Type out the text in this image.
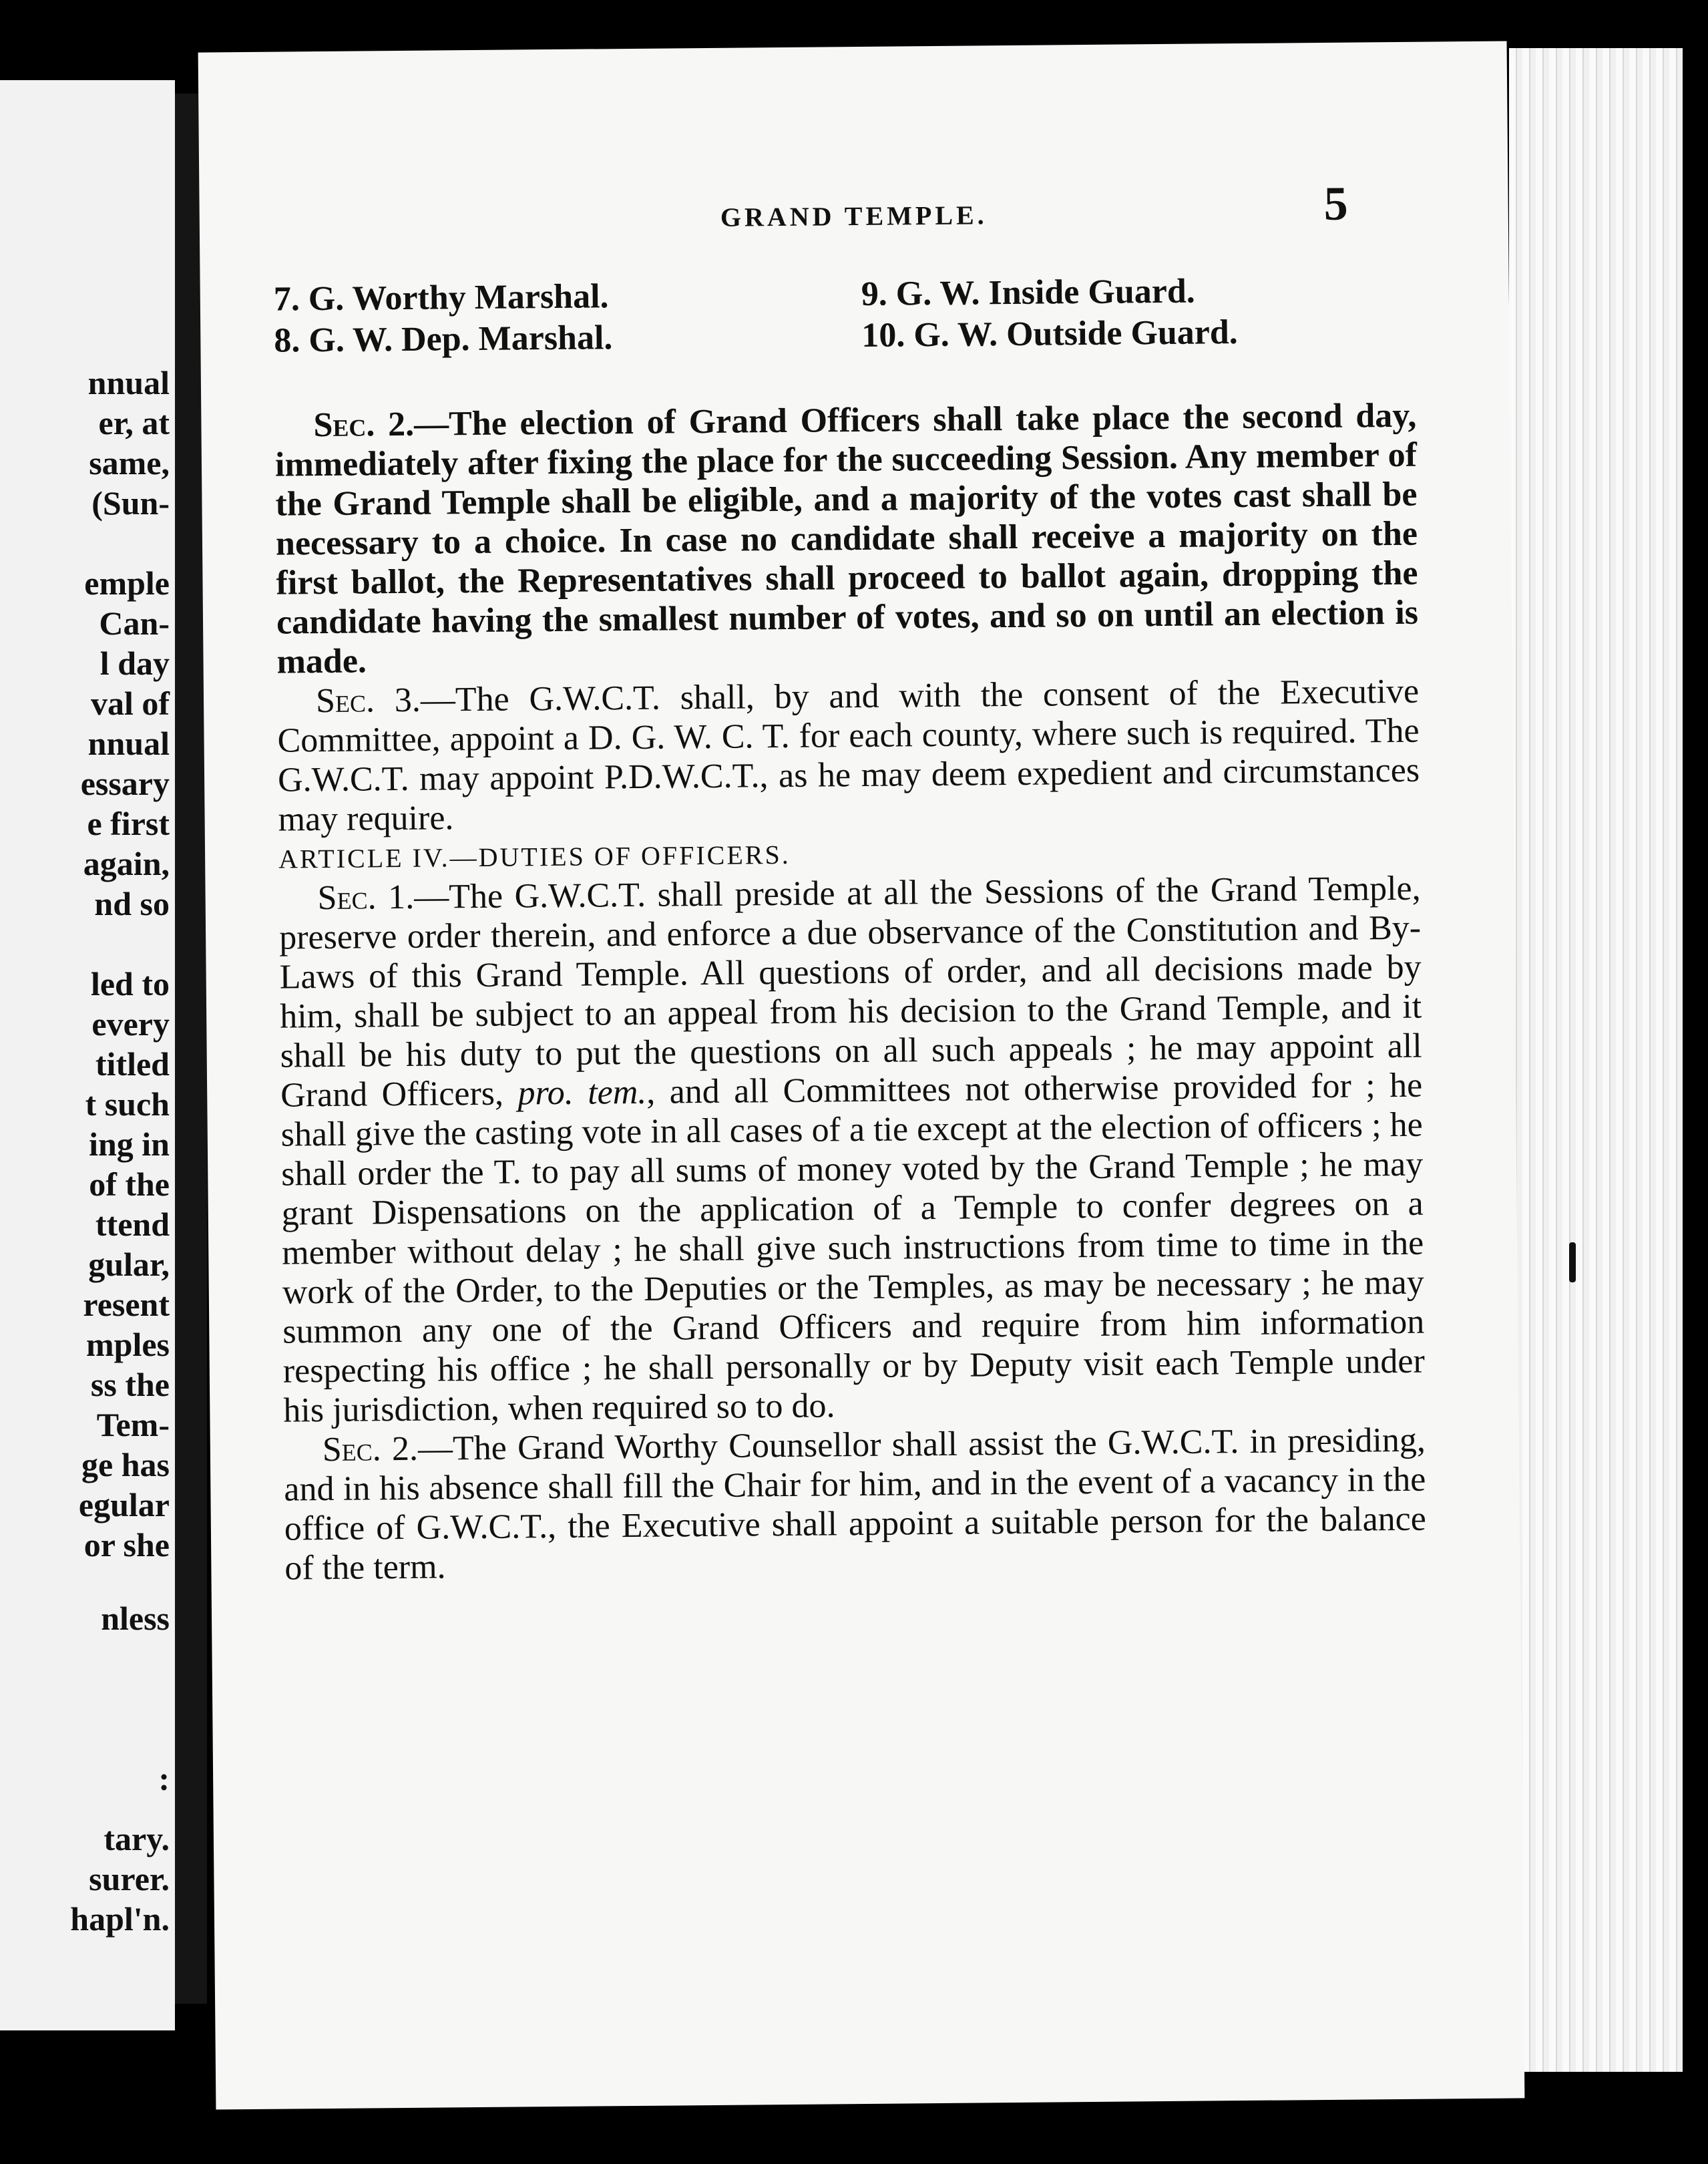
nnual
er, at
same,
(Sun-
emple
Can-
l day
val of
nnual
essary
e first
again,
nd so
led to
every
titled
t such
ing in
of the
ttend
gular,
resent
mples
ss the
Tem-
ge has
egular
or she
nless
:
tary.
surer.
hapl'n.
GRAND TEMPLE.	5
7. G. Worthy Marshal.	9. G. W. Inside Guard.
8. G. W. Dep. Marshal.	10. G. W. Outside Guard.

Sec. 2.—The election of Grand Officers shall take place the second day, immediately after fixing the place for the succeeding Session. Any member of the Grand Temple shall be eligible, and a majority of the votes cast shall be necessary to a choice. In case no candidate shall receive a majority on the first ballot, the Representatives shall proceed to ballot again, dropping the candidate having the smallest number of votes, and so on until an election is made.

Sec. 3.—The G.W.C.T. shall, by and with the consent of the Executive Committee, appoint a D. G. W. C. T. for each county, where such is required. The G.W.C.T. may appoint P.D.W.C.T., as he may deem expedient and circumstances may require.

ARTICLE IV.—DUTIES OF OFFICERS.

Sec. 1.—The G.W.C.T. shall preside at all the Sessions of the Grand Temple, preserve order therein, and enforce a due observance of the Constitution and By-Laws of this Grand Temple. All questions of order, and all decisions made by him, shall be subject to an appeal from his decision to the Grand Temple, and it shall be his duty to put the questions on all such appeals ; he may appoint all Grand Officers, pro. tem., and all Committees not otherwise provided for ; he shall give the casting vote in all cases of a tie except at the election of officers ; he shall order the T. to pay all sums of money voted by the Grand Temple ; he may grant Dispensations on the application of a Temple to confer degrees on a member without delay ; he shall give such instructions from time to time in the work of the Order, to the Deputies or the Temples, as may be necessary ; he may summon any one of the Grand Officers and require from him information respecting his office ; he shall personally or by Deputy visit each Temple under his jurisdiction, when required so to do.

Sec. 2.—The Grand Worthy Counsellor shall assist the G.W.C.T. in presiding, and in his absence shall fill the Chair for him, and in the event of a vacancy in the office of G.W.C.T., the Executive shall appoint a suitable person for the balance of the term.
